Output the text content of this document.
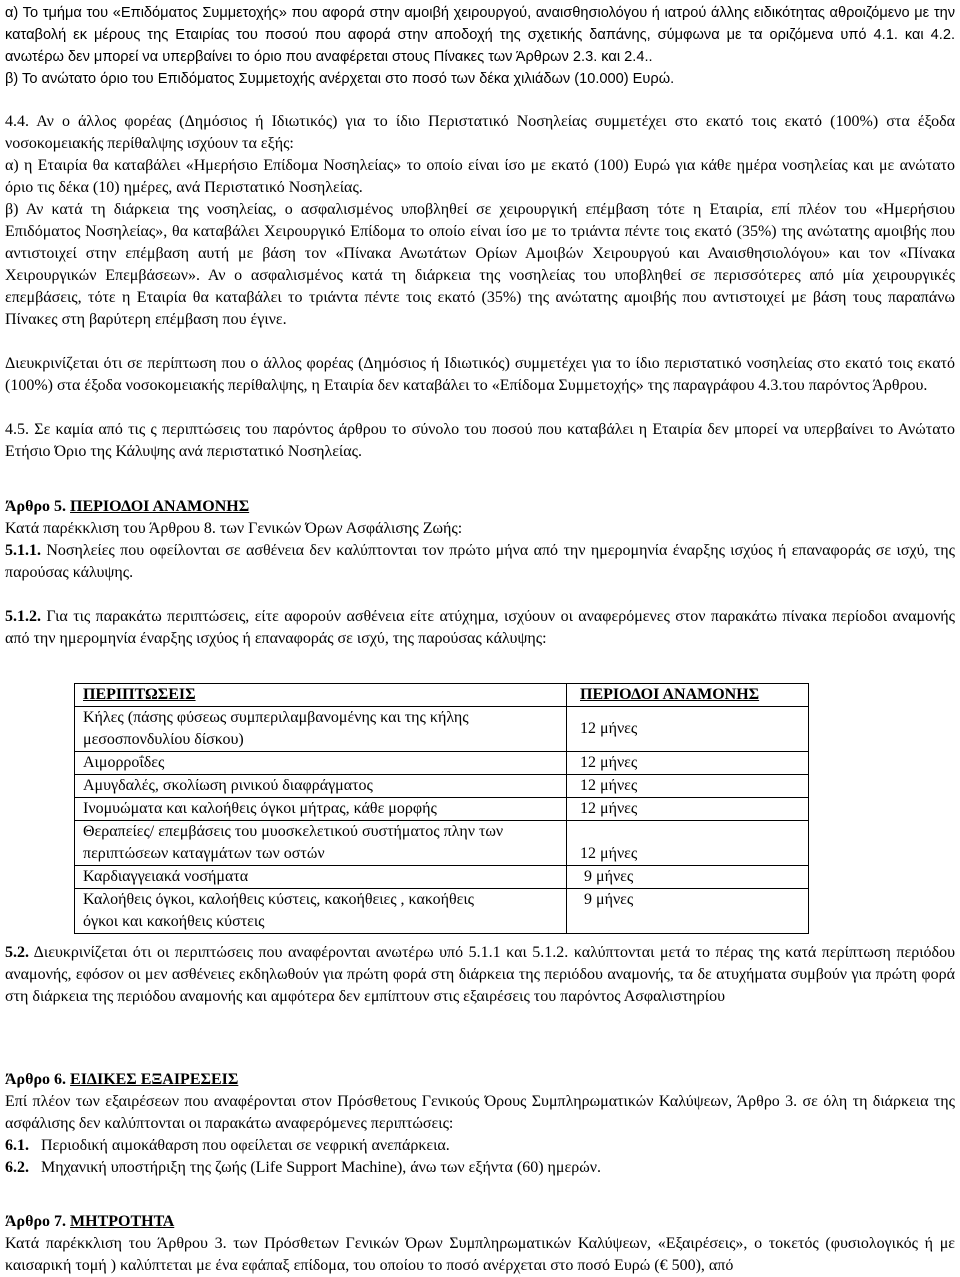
α) Το τμήμα του «Επιδόματος Συμμετοχής» που αφορά στην αμοιβή χειρουργού, αναισθησιολόγου ή ιατρού άλλης ειδικότητας αθροιζόμενο με την καταβολή εκ μέρους της Εταιρίας του ποσού που αφορά στην αποδοχή της σχετικής δαπάνης, σύμφωνα με τα οριζόμενα υπό 4.1. και 4.2. ανωτέρω δεν μπορεί να υπερβαίνει το όριο που αναφέρεται στους Πίνακες των Άρθρων 2.3. και 2.4..

β) Το ανώτατο όριο του Επιδόματος Συμμετοχής ανέρχεται στο ποσό των δέκα χιλιάδων (10.000) Ευρώ.

4.4. Αν ο άλλος φορέας (Δημόσιος ή Ιδιωτικός) για το ίδιο Περιστατικό Νοσηλείας συμμετέχει στο εκατό τοις εκατό (100%) στα έξοδα νοσοκομειακής περίθαλψης ισχύουν τα εξής:

α) η Εταιρία θα καταβάλει «Ημερήσιο Επίδομα Νοσηλείας» το οποίο είναι ίσο με εκατό (100) Ευρώ για κάθε ημέρα νοσηλείας και με ανώτατο όριο τις δέκα (10) ημέρες, ανά Περιστατικό Νοσηλείας.

β) Αν κατά τη διάρκεια της νοσηλείας, ο ασφαλισμένος υποβληθεί σε χειρουργική επέμβαση τότε η Εταιρία, επί πλέον του «Ημερήσιου Επιδόματος Νοσηλείας», θα καταβάλει Χειρουργικό Επίδομα το οποίο είναι ίσο με το τριάντα πέντε τοις εκατό (35%) της ανώτατης αμοιβής που αντιστοιχεί στην επέμβαση αυτή με βάση τον «Πίνακα Ανωτάτων Ορίων Αμοιβών Χειρουργού και Αναισθησιολόγου» και τον «Πίνακα Χειρουργικών Επεμβάσεων». Αν ο ασφαλισμένος κατά τη διάρκεια της νοσηλείας του υποβληθεί σε περισσότερες από μία χειρουργικές επεμβάσεις, τότε η Εταιρία θα καταβάλει το τριάντα πέντε τοις εκατό (35%) της ανώτατης αμοιβής που αντιστοιχεί με βάση τους παραπάνω Πίνακες στη βαρύτερη επέμβαση που έγινε.

Διευκρινίζεται ότι σε περίπτωση που ο άλλος φορέας (Δημόσιος ή Ιδιωτικός) συμμετέχει για το ίδιο περιστατικό νοσηλείας στο εκατό τοις εκατό (100%) στα έξοδα νοσοκομειακής περίθαλψης, η Εταιρία δεν καταβάλει το «Επίδομα Συμμετοχής» της παραγράφου 4.3.του παρόντος Άρθρου.

4.5. Σε καμία από τις ς περιπτώσεις του παρόντος άρθρου το σύνολο του ποσού που καταβάλει η Εταιρία δεν μπορεί να υπερβαίνει το Ανώτατο Ετήσιο Όριο της Κάλυψης ανά περιστατικό Νοσηλείας.

Άρθρο 5. ΠΕΡΙΟΔΟΙ ΑΝΑΜΟΝΗΣ

Κατά παρέκκλιση του Άρθρου 8. των Γενικών Όρων Ασφάλισης Ζωής:

5.1.1. Νοσηλείες που οφείλονται σε ασθένεια δεν καλύπτονται τον πρώτο μήνα από την ημερομηνία έναρξης ισχύος ή επαναφοράς σε ισχύ, της παρούσας κάλυψης.

5.1.2. Για τις παρακάτω περιπτώσεις, είτε αφορούν ασθένεια είτε ατύχημα, ισχύουν οι αναφερόμενες στον παρακάτω πίνακα περίοδοι αναμονής από την ημερομηνία έναρξης ισχύος ή επαναφοράς σε ισχύ, της παρούσας κάλυψης:

ΠΕΡΙΠΤΩΣΕΙΣ	ΠΕΡΙΟΔΟΙ ΑΝΑΜΟΝΗΣ

Κήλες (πάσης φύσεως συμπεριλαμβανομένης και της κήλης
μεσοσπονδυλίου δίσκου)	12 μήνες
Αιμορροΐδες	12 μήνες
Αμυγδαλές, σκολίωση ρινικού διαφράγματος	12 μήνες
Ινομυώματα και καλοήθεις όγκοι μήτρας, κάθε μορφής	12 μήνες

Θεραπείες/ επεμβάσεις του μυοσκελετικού συστήματος πλην των
περιπτώσεων καταγμάτων των οστών	12 μήνες
Καρδιαγγειακά νοσήματα	9 μήνες

Καλοήθεις όγκοι, καλοήθεις κύστεις, κακοήθειες , κακοήθεις
όγκοι και κακοήθεις κύστεις	9 μήνες

5.2. Διευκρινίζεται ότι οι περιπτώσεις που αναφέρονται ανωτέρω υπό 5.1.1 και 5.1.2. καλύπτονται μετά το πέρας της κατά περίπτωση περιόδου αναμονής, εφόσον οι μεν ασθένειες εκδηλωθούν για πρώτη φορά στη διάρκεια της περιόδου αναμονής, τα δε ατυχήματα συμβούν για πρώτη φορά στη διάρκεια της περιόδου αναμονής και αμφότερα δεν εμπίπτουν στις εξαιρέσεις του παρόντος Ασφαλιστηρίου

Άρθρο 6. ΕΙΔΙΚΕΣ ΕΞΑΙΡΕΣΕΙΣ

Επί πλέον των εξαιρέσεων που αναφέρονται στον Πρόσθετους Γενικούς Όρους Συμπληρωματικών Καλύψεων, Άρθρο 3. σε όλη τη διάρκεια της ασφάλισης δεν καλύπτονται οι παρακάτω αναφερόμενες περιπτώσεις:

6.1.   Περιοδική αιμοκάθαρση που οφείλεται σε νεφρική ανεπάρκεια.

6.2.   Μηχανική υποστήριξη της ζωής (Life Support Machine), άνω των εξήντα (60) ημερών.

Άρθρο 7. ΜΗΤΡΟΤΗΤΑ

Κατά παρέκκλιση του Άρθρου 3. των Πρόσθετων Γενικών Όρων Συμπληρωματικών Καλύψεων, «Εξαιρέσεις», ο τοκετός (φυσιολογικός ή με καισαρική τομή ) καλύπτεται με ένα εφάπαξ επίδομα, του οποίου το ποσό ανέρχεται στο ποσό Ευρώ (€ 500), από
